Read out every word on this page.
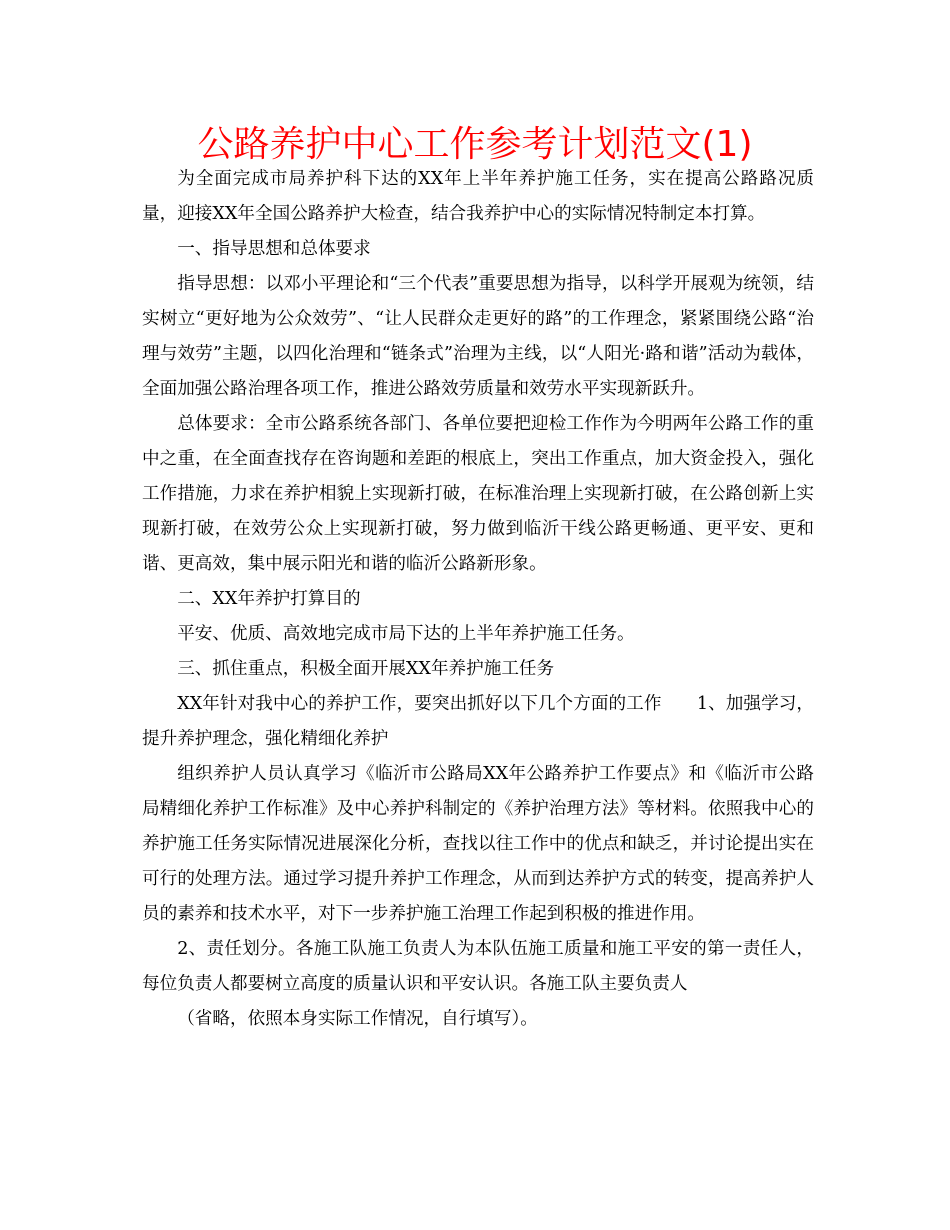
公路养护中心工作参考计划范文(1)

为全面完成市局养护科下达的XX年上半年养护施工任务，实在提高公路路况质量，迎接XX年全国公路养护大检查，结合我养护中心的实际情况特制定本打算。

一、指导思想和总体要求

指导思想：以邓小平理论和“三个代表”重要思想为指导，以科学开展观为统领，结实树立“更好地为公众效劳”、“让人民群众走更好的路”的工作理念，紧紧围绕公路“治理与效劳”主题，以四化治理和“链条式”治理为主线，以“人阳光·路和谐”活动为载体，全面加强公路治理各项工作，推进公路效劳质量和效劳水平实现新跃升。

总体要求：全市公路系统各部门、各单位要把迎检工作作为今明两年公路工作的重中之重，在全面查找存在咨询题和差距的根底上，突出工作重点，加大资金投入，强化工作措施，力求在养护相貌上实现新打破，在标准治理上实现新打破，在公路创新上实现新打破，在效劳公众上实现新打破，努力做到临沂干线公路更畅通、更平安、更和谐、更高效，集中展示阳光和谐的临沂公路新形象。

二、XX年养护打算目的

平安、优质、高效地完成市局下达的上半年养护施工任务。

三、抓住重点，积极全面开展XX年养护施工任务

XX年针对我中心的养护工作，要突出抓好以下几个方面的工作　　1、加强学习，提升养护理念，强化精细化养护

组织养护人员认真学习《临沂市公路局XX年公路养护工作要点》和《临沂市公路局精细化养护工作标准》及中心养护科制定的《养护治理方法》等材料。依照我中心的养护施工任务实际情况进展深化分析，查找以往工作中的优点和缺乏，并讨论提出实在可行的处理方法。通过学习提升养护工作理念，从而到达养护方式的转变，提高养护人员的素养和技术水平，对下一步养护施工治理工作起到积极的推进作用。

2、责任划分。各施工队施工负责人为本队伍施工质量和施工平安的第一责任人，每位负责人都要树立高度的质量认识和平安认识。各施工队主要负责人

（省略，依照本身实际工作情况，自行填写）。
